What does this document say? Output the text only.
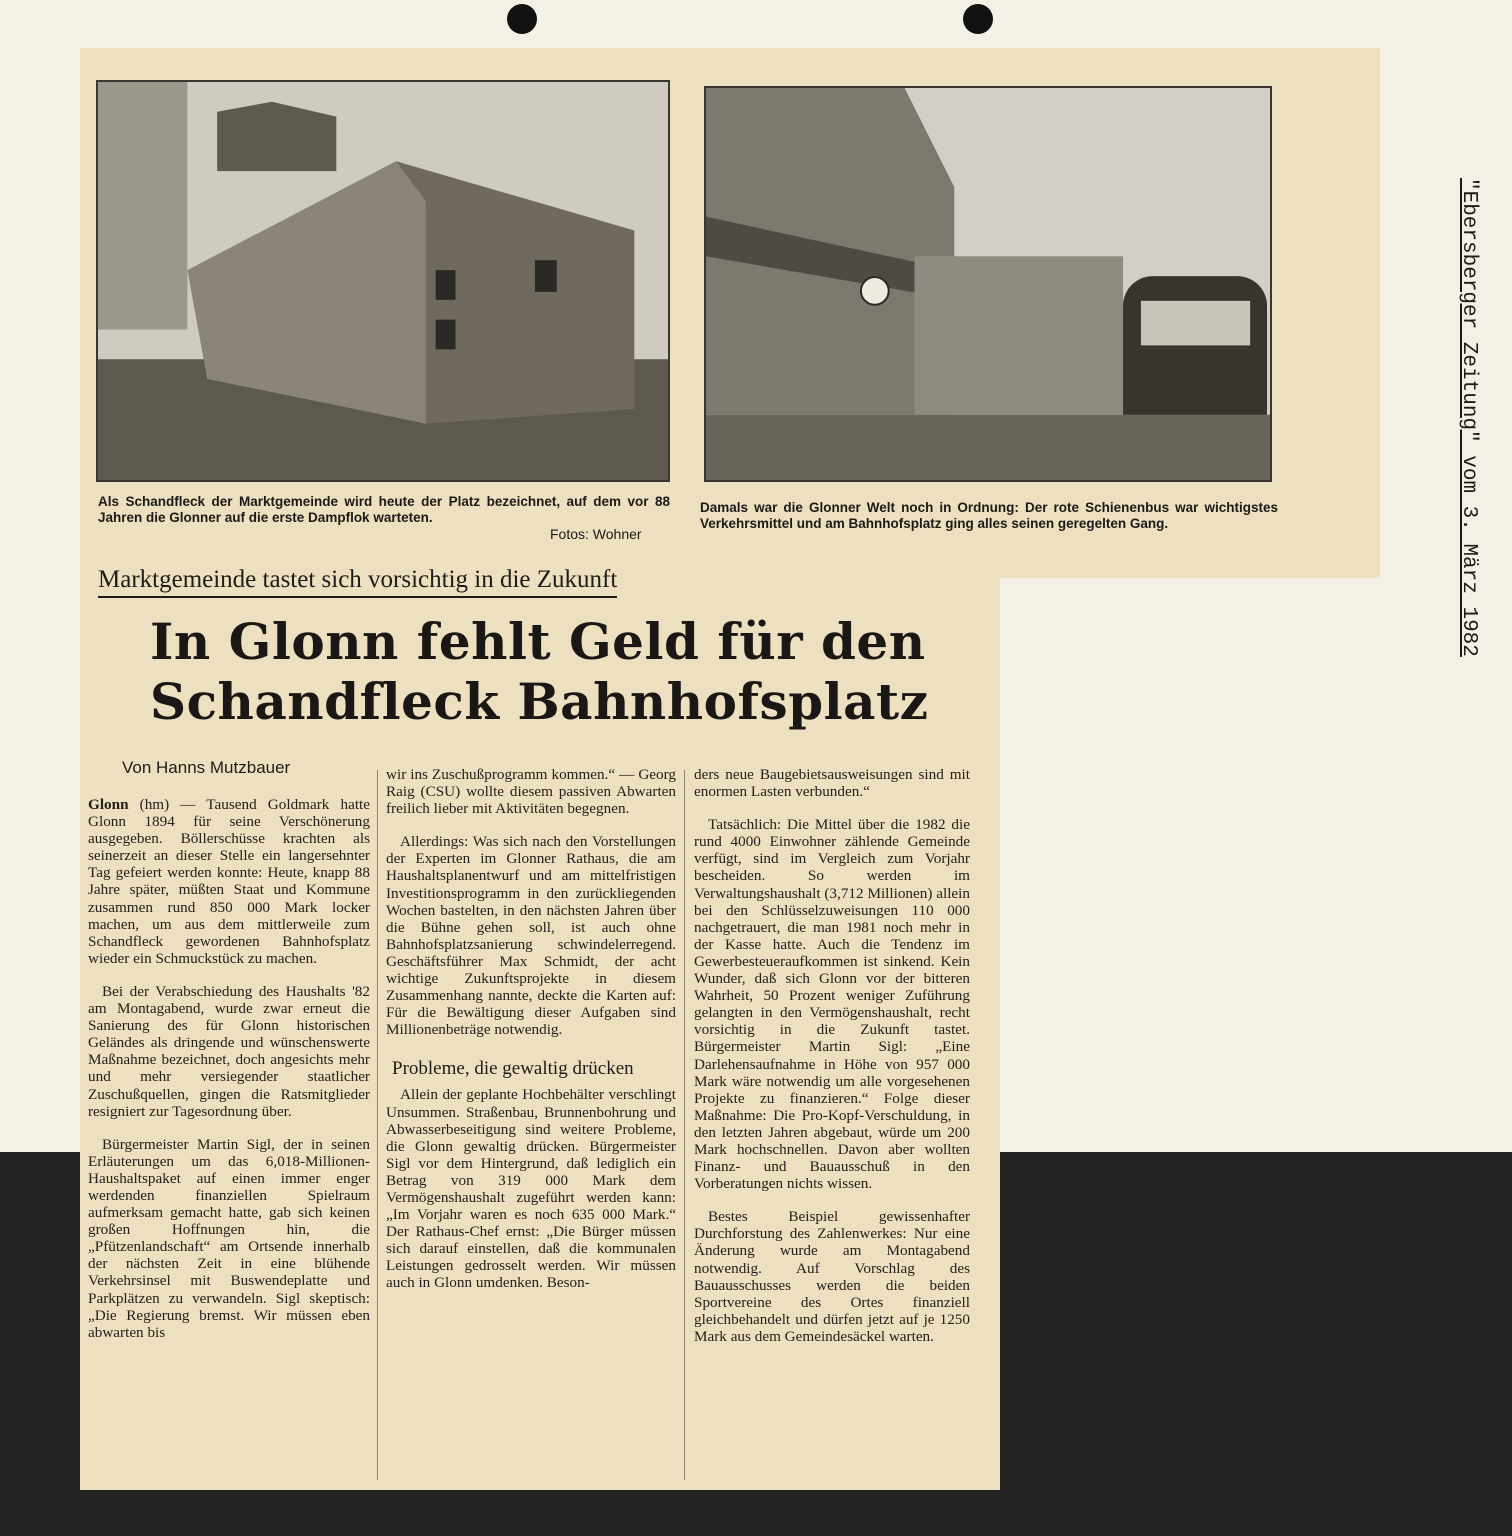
Als Schandfleck der Marktgemeinde wird heute der Platz bezeichnet, auf dem vor 88 Jahren die Glonner auf die erste Dampflok warteten.
Fotos: Wohner
Damals war die Glonner Welt noch in Ordnung: Der rote Schienenbus war wichtigstes Verkehrsmittel und am Bahnhofsplatz ging alles seinen geregelten Gang.
Marktgemeinde tastet sich vorsichtig in die Zukunft
In Glonn fehlt Geld für den Schandfleck Bahnhofsplatz
Von Hanns Mutzbauer

Glonn (hm) — Tausend Goldmark hatte Glonn 1894 für seine Verschönerung ausgegeben. Böllerschüsse krachten als seinerzeit an dieser Stelle ein langersehnter Tag gefeiert werden konnte: Heute, knapp 88 Jahre später, müßten Staat und Kommune zusammen rund 850 000 Mark locker machen, um aus dem mittlerweile zum Schandfleck gewordenen Bahnhofsplatz wieder ein Schmuckstück zu machen.

Bei der Verabschiedung des Haushalts '82 am Montagabend, wurde zwar erneut die Sanierung des für Glonn historischen Geländes als dringende und wünschenswerte Maßnahme bezeichnet, doch angesichts mehr und mehr versiegender staatlicher Zuschußquellen, gingen die Ratsmitglieder resigniert zur Tagesordnung über.

Bürgermeister Martin Sigl, der in seinen Erläuterungen um das 6,018-Millionen-Haushaltspaket auf einen immer enger werdenden finanziellen Spielraum aufmerksam gemacht hatte, gab sich keinen großen Hoffnungen hin, die „Pfützenlandschaft“ am Ortsende innerhalb der nächsten Zeit in eine blühende Verkehrsinsel mit Buswendeplatte und Parkplätzen zu verwandeln. Sigl skeptisch: „Die Regierung bremst. Wir müssen eben abwarten bis

wir ins Zuschußprogramm kommen.“ — Georg Raig (CSU) wollte diesem passiven Abwarten freilich lieber mit Aktivitäten begegnen.

Allerdings: Was sich nach den Vorstellungen der Experten im Glonner Rathaus, die am Haushaltsplanentwurf und am mittelfristigen Investitionsprogramm in den zurückliegenden Wochen bastelten, in den nächsten Jahren über die Bühne gehen soll, ist auch ohne Bahnhofsplatzsanierung schwindelerregend. Geschäftsführer Max Schmidt, der acht wichtige Zukunftsprojekte in diesem Zusammenhang nannte, deckte die Karten auf: Für die Bewältigung dieser Aufgaben sind Millionenbeträge notwendig.

Probleme, die gewaltig drücken

Allein der geplante Hochbehälter verschlingt Unsummen. Straßenbau, Brunnenbohrung und Abwasserbeseitigung sind weitere Probleme, die Glonn gewaltig drücken. Bürgermeister Sigl vor dem Hintergrund, daß lediglich ein Betrag von 319 000 Mark dem Vermögenshaushalt zugeführt werden kann: „Im Vorjahr waren es noch 635 000 Mark.“ Der Rathaus-Chef ernst: „Die Bürger müssen sich darauf einstellen, daß die kommunalen Leistungen gedrosselt werden. Wir müssen auch in Glonn umdenken. Beson-

ders neue Baugebietsausweisungen sind mit enormen Lasten verbunden.“

Tatsächlich: Die Mittel über die 1982 die rund 4000 Einwohner zählende Gemeinde verfügt, sind im Vergleich zum Vorjahr bescheiden. So werden im Verwaltungshaushalt (3,712 Millionen) allein bei den Schlüsselzuweisungen 110 000 nachgetrauert, die man 1981 noch mehr in der Kasse hatte. Auch die Tendenz im Gewerbesteueraufkommen ist sinkend. Kein Wunder, daß sich Glonn vor der bitteren Wahrheit, 50 Prozent weniger Zuführung gelangten in den Vermögenshaushalt, recht vorsichtig in die Zukunft tastet. Bürgermeister Martin Sigl: „Eine Darlehensaufnahme in Höhe von 957 000 Mark wäre notwendig um alle vorgesehenen Projekte zu finanzieren.“ Folge dieser Maßnahme: Die Pro-Kopf-Verschuldung, in den letzten Jahren abgebaut, würde um 200 Mark hochschnellen. Davon aber wollten Finanz- und Bauausschuß in den Vorberatungen nichts wissen.

Bestes Beispiel gewissenhafter Durchforstung des Zahlenwerkes: Nur eine Änderung wurde am Montagabend notwendig. Auf Vorschlag des Bauausschusses werden die beiden Sportvereine des Ortes finanziell gleichbehandelt und dürfen jetzt auf je 1250 Mark aus dem Gemeindesäckel warten.

"Ebersberger Zeitung" vom 3. März 1982
